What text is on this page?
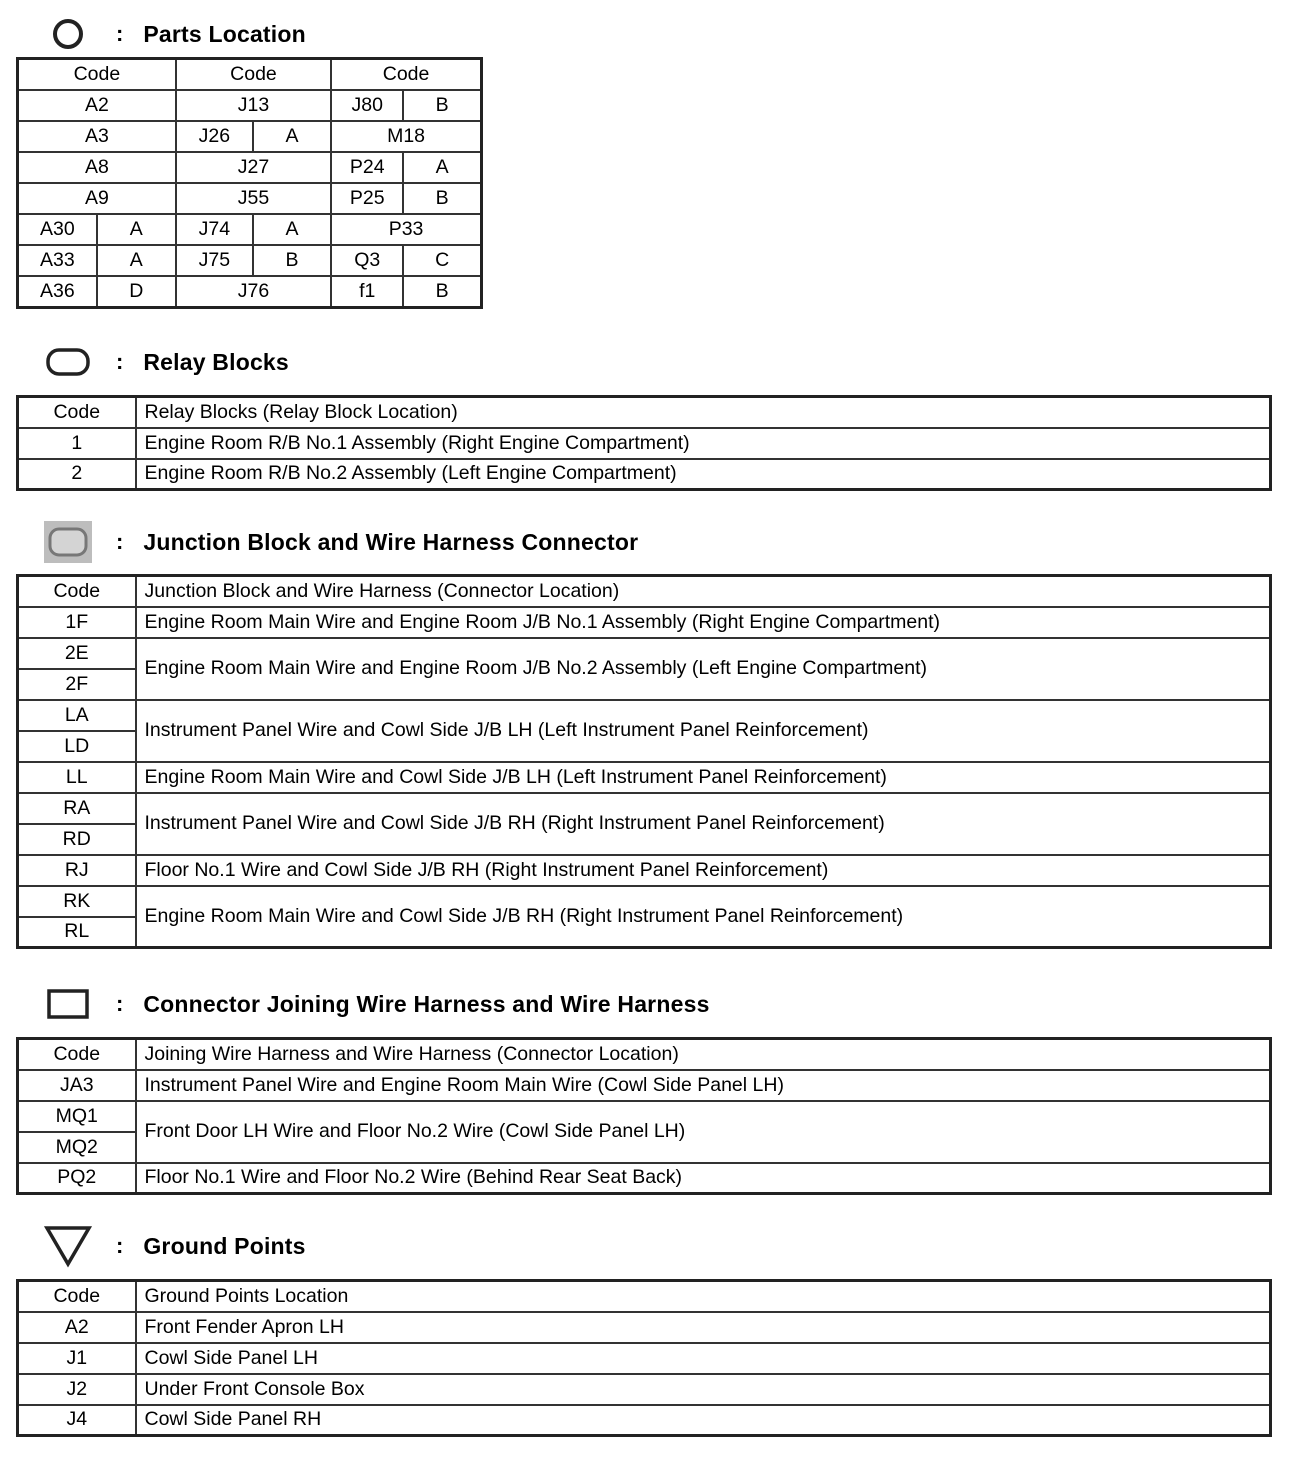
: Parts Location
Code		Code		Code	
A2		J13		J80	B
A3		J26	A	M18	
A8		J27		P24	A
A9		J55		P25	B
A30	A	J74	A	P33	
A33	A	J75	B	Q3	C
A36	D	J76		f1	B
: Relay Blocks
Code	Relay Blocks (Relay Block Location)
1	Engine Room R/B No.1 Assembly (Right Engine Compartment)
2	Engine Room R/B No.2 Assembly (Left Engine Compartment)
: Junction Block and Wire Harness Connector
Code	Junction Block and Wire Harness (Connector Location)
1F	Engine Room Main Wire and Engine Room J/B No.1 Assembly (Right Engine Compartment)
2E	Engine Room Main Wire and Engine Room J/B No.2 Assembly (Left Engine Compartment)
2F	
LA	Instrument Panel Wire and Cowl Side J/B LH (Left Instrument Panel Reinforcement)
LD	
LL	Engine Room Main Wire and Cowl Side J/B LH (Left Instrument Panel Reinforcement)
RA	Instrument Panel Wire and Cowl Side J/B RH (Right Instrument Panel Reinforcement)
RD	
RJ	Floor No.1 Wire and Cowl Side J/B RH (Right Instrument Panel Reinforcement)
RK	Engine Room Main Wire and Cowl Side J/B RH (Right Instrument Panel Reinforcement)
RL	
: Connector Joining Wire Harness and Wire Harness
Code	Joining Wire Harness and Wire Harness (Connector Location)
JA3	Instrument Panel Wire and Engine Room Main Wire (Cowl Side Panel LH)
MQ1	Front Door LH Wire and Floor No.2 Wire (Cowl Side Panel LH)
MQ2	
PQ2	Floor No.1 Wire and Floor No.2 Wire (Behind Rear Seat Back)
: Ground Points
Code	Ground Points Location
A2	Front Fender Apron LH
J1	Cowl Side Panel LH
J2	Under Front Console Box
J4	Cowl Side Panel RH
